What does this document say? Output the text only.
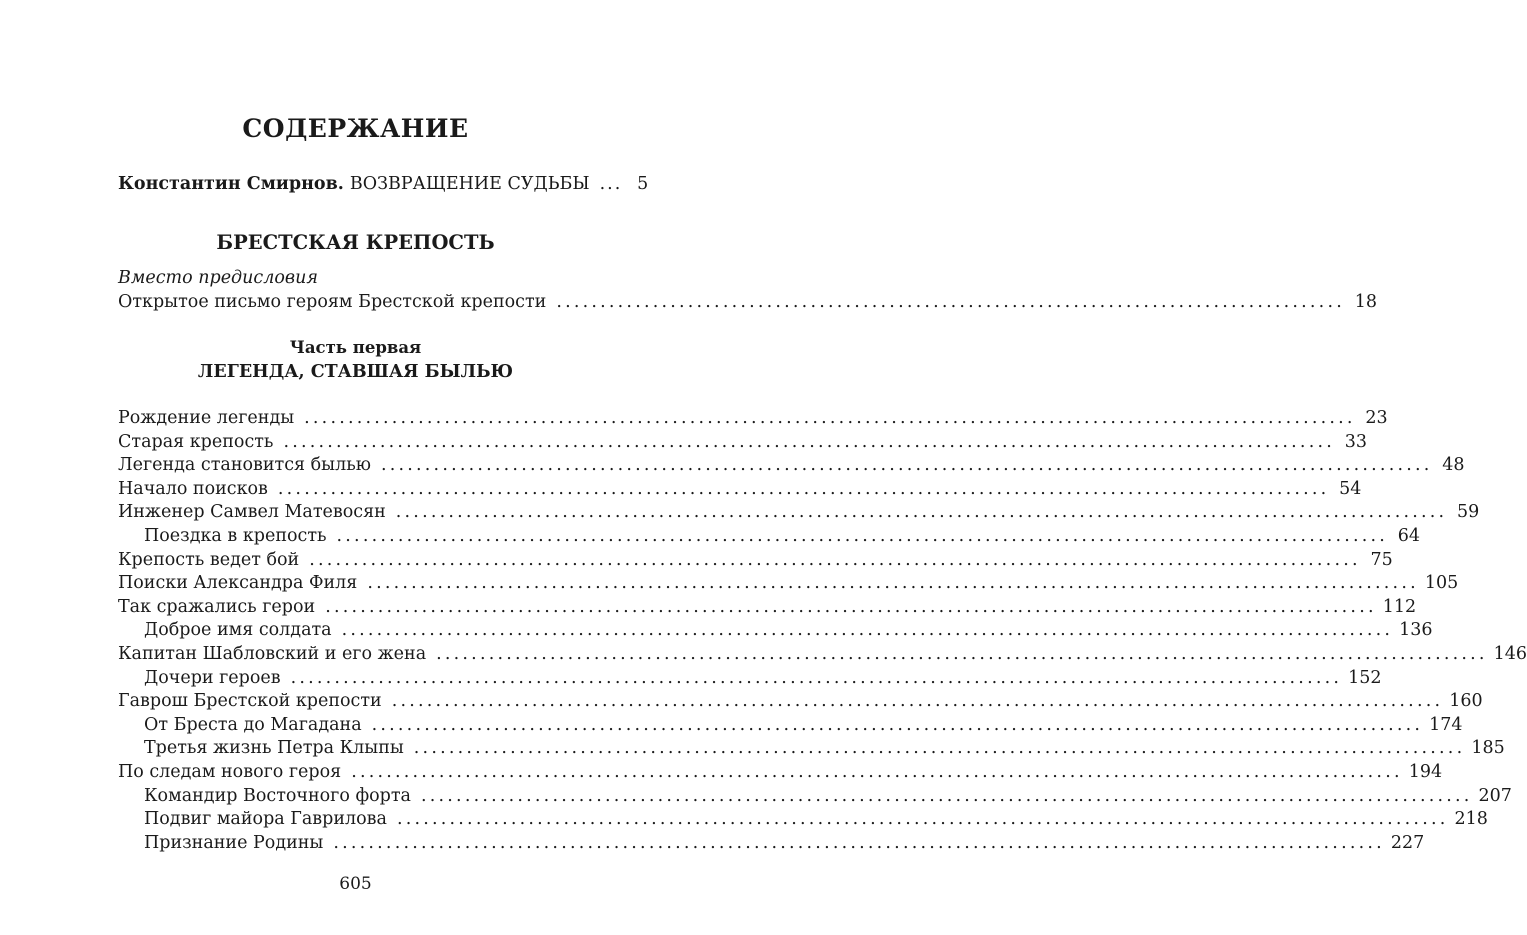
СОДЕРЖАНИЕ
Константин Смирнов. ВОЗВРАЩЕНИЕ СУДЬБЫ ... 5
БРЕСТСКАЯ КРЕПОСТЬ
Вместо предисловия
Открытое письмо героям Брестской крепости .......................................................................................... 18
Часть первая
ЛЕГЕНДА, СТАВШАЯ БЫЛЬЮ
Рождение легенды ........................................................................................................................ 23
Старая крепость ........................................................................................................................ 33
Легенда становится былью ........................................................................................................................ 48
Начало поисков ........................................................................................................................ 54
Инженер Самвел Матевосян ........................................................................................................................ 59
Поездка в крепость ........................................................................................................................ 64
Крепость ведет бой ........................................................................................................................ 75
Поиски Александра Филя ........................................................................................................................ 105
Так сражались герои ........................................................................................................................ 112
Доброе имя солдата ........................................................................................................................ 136
Капитан Шабловский и его жена ........................................................................................................................ 146
Дочери героев ........................................................................................................................ 152
Гаврош Брестской крепости ........................................................................................................................ 160
От Бреста до Магадана ........................................................................................................................ 174
Третья жизнь Петра Клыпы ........................................................................................................................ 185
По следам нового героя ........................................................................................................................ 194
Командир Восточного форта ........................................................................................................................ 207
Подвиг майора Гаврилова ........................................................................................................................ 218
Признание Родины ........................................................................................................................ 227
605
